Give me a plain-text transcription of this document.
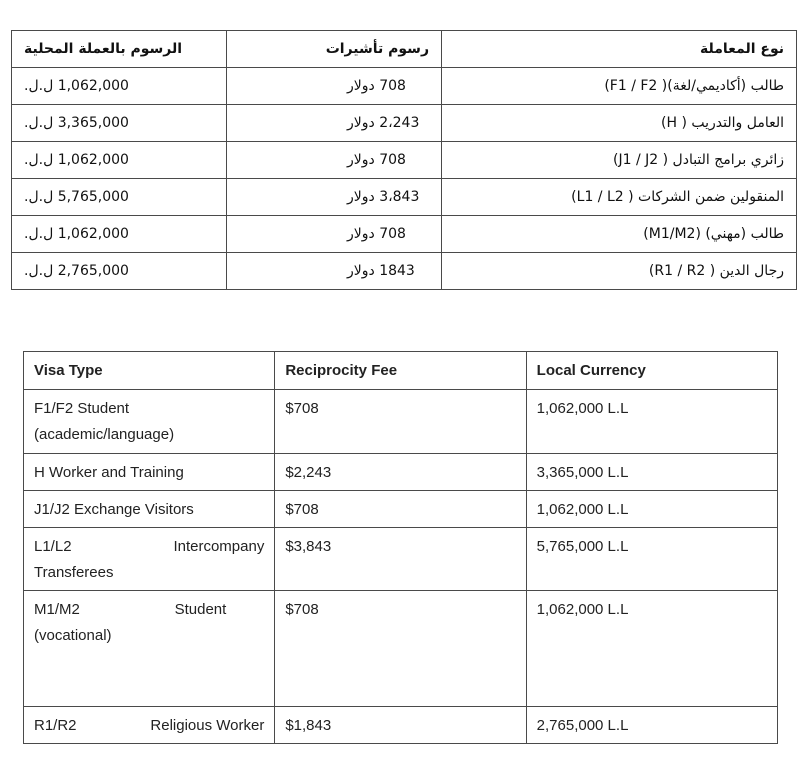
الرسوم بالعملة المحلية	رسوم تأشيرات	نوع المعاملة
1,062,000 ل.ل.	708 دولار	طالب (أكاديمي/لغة)( F1 / F2)
3,365,000 ل.ل.	2،243 دولار	العامل والتدريب ( H)
1,062,000 ل.ل.	708 دولار	زائري برامج التبادل ( J1 / J2)
5,765,000 ل.ل.	3،843 دولار	المنقولين ضمن الشركات ( L1 / L2)
1,062,000 ل.ل.	708 دولار	طالب (مهني) (M1/M2)
2,765,000 ل.ل.	1843 دولار	رجال الدين ( R1 / R2)
Visa Type	Reciprocity Fee	Local Currency

F1/F2 Student
(academic/language)	$708	1,062,000 L.L

H Worker and Training	$2,243	3,365,000 L.L

J1/J2 Exchange Visitors	$708	1,062,000 L.L

L1/L2 Intercompany
Transferees	$3,843	5,765,000 L.L

M1/M2 Student
(vocational)	$708	1,062,000 L.L

R1/R2 Religious Worker	$1,843	2,765,000 L.L
